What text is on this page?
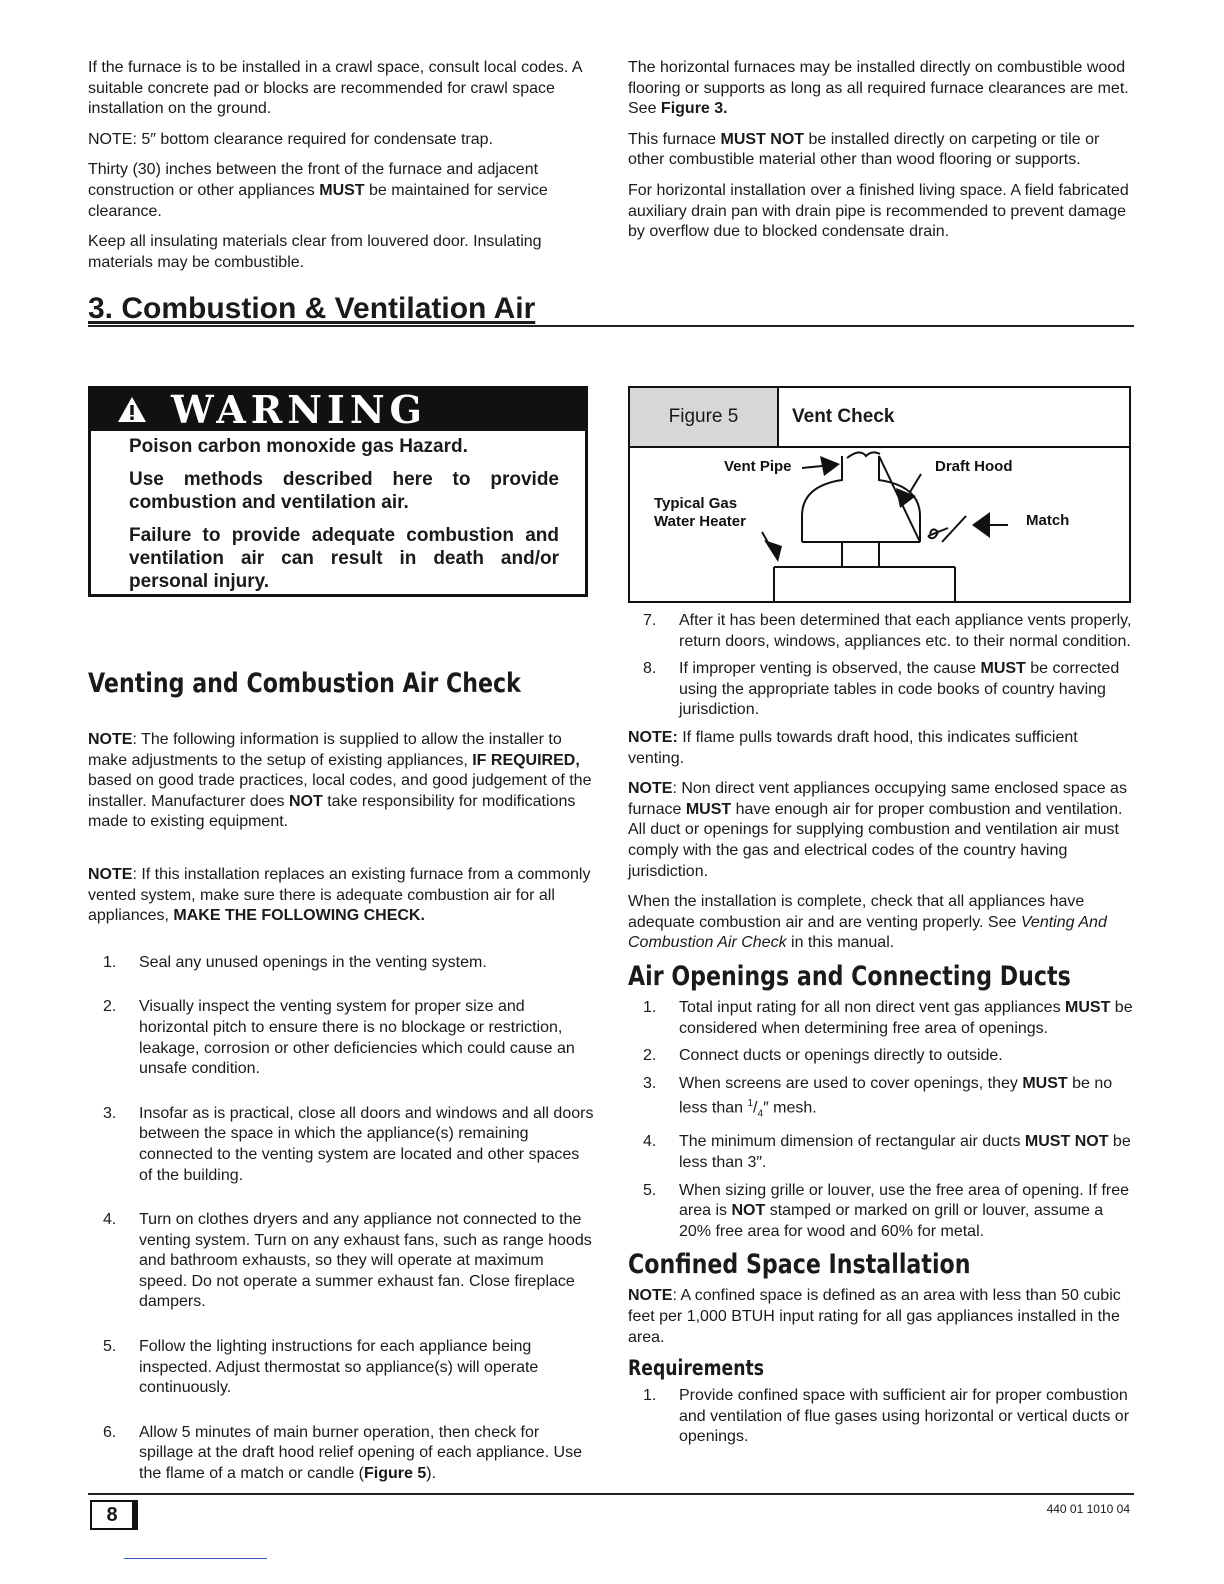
If the furnace is to be installed in a crawl space, consult local codes. A suitable concrete pad or blocks are recommended for crawl space installation on the ground.

NOTE: 5″ bottom clearance required for condensate trap.

Thirty (30) inches between the front of the furnace and adjacent construction or other appliances MUST be maintained for service clearance.

Keep all insulating materials clear from louvered door. Insulating materials may be combustible.

The horizontal furnaces may be installed directly on combustible wood flooring or supports as long as all required furnace clearances are met. See Figure 3.

This furnace MUST NOT be installed directly on carpeting or tile or other combustible material other than wood flooring or supports.

For horizontal installation over a finished living space. A field fabricated auxiliary drain pan with drain pipe is recommended to prevent damage by overflow due to blocked condensate drain.

3. Combustion & Ventilation Air
WARNING

Poison carbon monoxide gas Hazard.

Use methods described here to provide combustion and ventilation air.

Failure to provide adequate combustion and ventilation air can result in death and/or personal injury.

Venting and Combustion Air Check

NOTE: The following information is supplied to allow the installer to make adjustments to the setup of existing appliances, IF REQUIRED, based on good trade practices, local codes, and good judgement of the installer. Manufacturer does NOT take responsibility for modifications made to existing equipment.

NOTE: If this installation replaces an existing furnace from a commonly vented system, make sure there is adequate combustion air for all appliances, MAKE THE FOLLOWING CHECK.

1. Seal any unused openings in the venting system.
2. Visually inspect the venting system for proper size and horizontal pitch to ensure there is no blockage or restriction, leakage, corrosion or other deficiencies which could cause an unsafe condition.
3. Insofar as is practical, close all doors and windows and all doors between the space in which the appliance(s) remaining connected to the venting system are located and other spaces of the building.
4. Turn on clothes dryers and any appliance not connected to the venting system. Turn on any exhaust fans, such as range hoods and bathroom exhausts, so they will operate at maximum speed. Do not operate a summer exhaust fan. Close fireplace dampers.
5. Follow the lighting instructions for each appliance being inspected. Adjust thermostat so appliance(s) will operate continuously.
6. Allow 5 minutes of main burner operation, then check for spillage at the draft hood relief opening of each appliance. Use the flame of a match or candle (Figure 5).
Figure 5	Vent Check
Vent Pipe	Draft Hood
Typical Gas
Water Heater	Match
7. After it has been determined that each appliance vents properly, return doors, windows, appliances etc. to their normal condition.
8. If improper venting is observed, the cause MUST be corrected using the appropriate tables in code books of country having jurisdiction.

NOTE: If flame pulls towards draft hood, this indicates sufficient venting.

NOTE: Non direct vent appliances occupying same enclosed space as furnace MUST have enough air for proper combustion and ventilation. All duct or openings for supplying combustion and ventilation air must comply with the gas and electrical codes of the country having jurisdiction.

When the installation is complete, check that all appliances have adequate combustion air and are venting properly. See Venting And Combustion Air Check in this manual.

Air Openings and Connecting Ducts
1. Total input rating for all non direct vent gas appliances MUST be considered when determining free area of openings.
2. Connect ducts or openings directly to outside.
3. When screens are used to cover openings, they MUST be no less than $^1/_4''$ mesh.
4. The minimum dimension of rectangular air ducts MUST NOT be less than 3″.
5. When sizing grille or louver, use the free area of opening. If free area is NOT stamped or marked on grill or louver, assume a 20% free area for wood and 60% for metal.
Confined Space Installation

NOTE: A confined space is defined as an area with less than 50 cubic feet per 1,000 BTUH input rating for all gas appliances installed in the area.

Requirements
1. Provide confined space with sufficient air for proper combustion and ventilation of flue gases using horizontal or vertical ducts or openings.
8	440 01 1010 04
